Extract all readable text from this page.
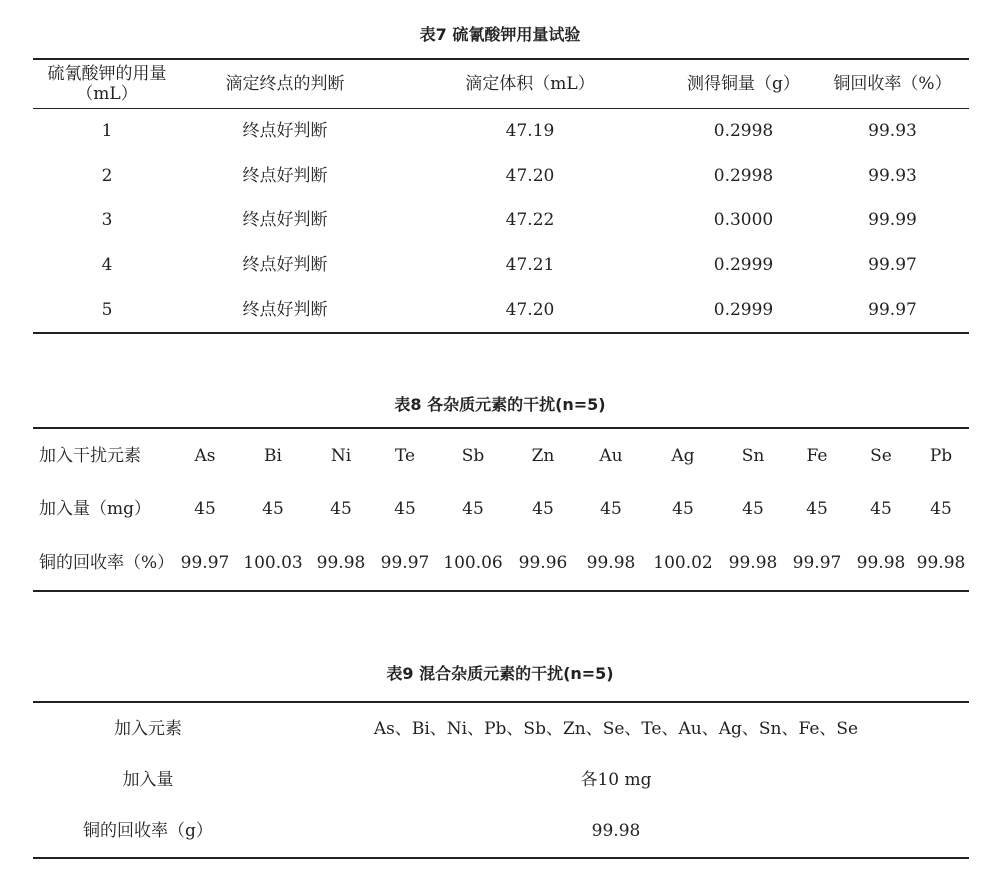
表7 硫氰酸钾用量试验
硫氰酸钾的用量（mL）	滴定终点的判断	滴定体积（mL）	测得铜量（g）	铜回收率（%）
1	终点好判断	47.19	0.2998	99.93
2	终点好判断	47.20	0.2998	99.93
3	终点好判断	47.22	0.3000	99.99
4	终点好判断	47.21	0.2999	99.97
5	终点好判断	47.20	0.2999	99.97
表8 各杂质元素的干扰(n=5)
加入干扰元素	As	Bi	Ni	Te	Sb	Zn	Au	Ag	Sn	Fe	Se	Pb
加入量（mg）	45	45	45	45	45	45	45	45	45	45	45	45
铜的回收率（%）	99.97	100.03	99.98	99.97	100.06	99.96	99.98	100.02	99.98	99.97	99.98	99.98
表9 混合杂质元素的干扰(n=5)
加入元素	As、Bi、Ni、Pb、Sb、Zn、Se、Te、Au、Ag、Sn、Fe、Se
加入量	各10 mg
铜的回收率（g）	99.98
